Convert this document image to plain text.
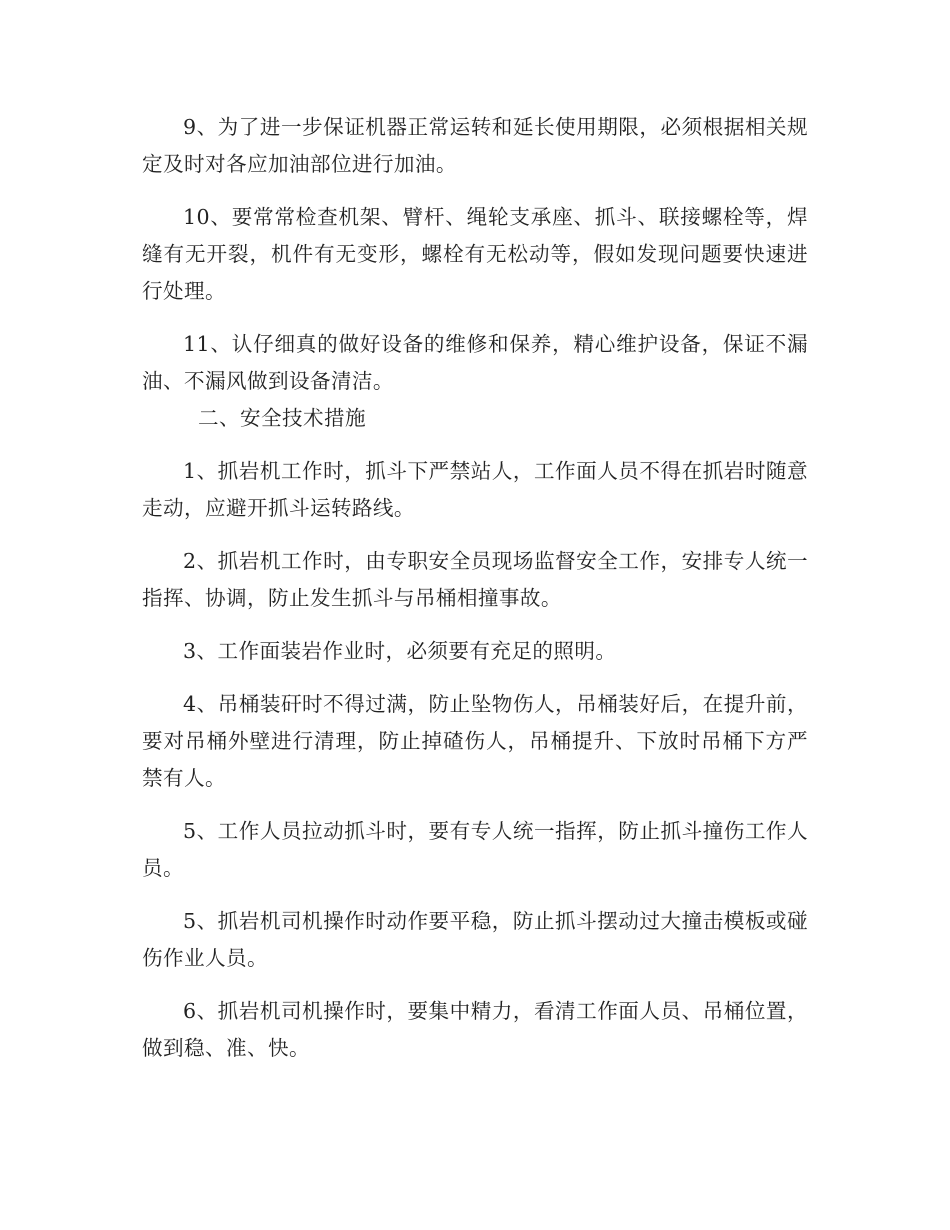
9、为了进一步保证机器正常运转和延长使用期限，必须根据相关规定及时对各应加油部位进行加油。

10、要常常检查机架、臂杆、绳轮支承座、抓斗、联接螺栓等，焊缝有无开裂，机件有无变形，螺栓有无松动等，假如发现问题要快速进行处理。

11、认仔细真的做好设备的维修和保养，精心维护设备，保证不漏油、不漏风做到设备清洁。

二、安全技术措施

1、抓岩机工作时，抓斗下严禁站人，工作面人员不得在抓岩时随意走动，应避开抓斗运转路线。

2、抓岩机工作时，由专职安全员现场监督安全工作，安排专人统一指挥、协调，防止发生抓斗与吊桶相撞事故。

3、工作面装岩作业时，必须要有充足的照明。

4、吊桶装矸时不得过满，防止坠物伤人，吊桶装好后，在提升前，要对吊桶外壁进行清理，防止掉碴伤人，吊桶提升、下放时吊桶下方严禁有人。

5、工作人员拉动抓斗时，要有专人统一指挥，防止抓斗撞伤工作人员。

5、抓岩机司机操作时动作要平稳，防止抓斗摆动过大撞击模板或碰伤作业人员。

6、抓岩机司机操作时，要集中精力，看清工作面人员、吊桶位置，做到稳、准、快。
